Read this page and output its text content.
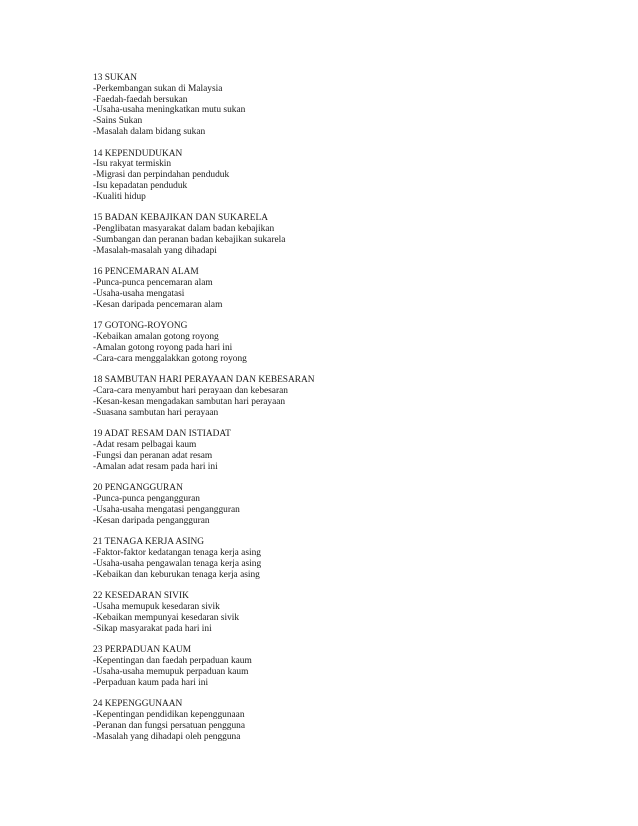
13 SUKAN
-Perkembangan sukan di Malaysia
-Faedah-faedah bersukan
-Usaha-usaha meningkatkan mutu sukan
-Sains Sukan
-Masalah dalam bidang sukan
14 KEPENDUDUKAN
-Isu rakyat termiskin
-Migrasi dan perpindahan penduduk
-Isu kepadatan penduduk
-Kualiti hidup
15 BADAN KEBAJIKAN DAN SUKARELA
-Penglibatan masyarakat dalam badan kebajikan
-Sumbangan dan peranan badan kebajikan sukarela
-Masalah-masalah yang dihadapi
16 PENCEMARAN ALAM
-Punca-punca pencemaran alam
-Usaha-usaha mengatasi
-Kesan daripada pencemaran alam
17 GOTONG-ROYONG
-Kebaikan amalan gotong royong
-Amalan gotong royong pada hari ini
-Cara-cara menggalakkan gotong royong
18 SAMBUTAN HARI PERAYAAN DAN KEBESARAN
-Cara-cara menyambut hari perayaan dan kebesaran
-Kesan-kesan mengadakan sambutan hari perayaan
-Suasana sambutan hari perayaan
19 ADAT RESAM DAN ISTIADAT
-Adat resam pelbagai kaum
-Fungsi dan peranan adat resam
-Amalan adat resam pada hari ini
20 PENGANGGURAN
-Punca-punca pengangguran
-Usaha-usaha mengatasi pengangguran
-Kesan daripada pengangguran
21 TENAGA KERJA ASING
-Faktor-faktor kedatangan tenaga kerja asing
-Usaha-usaha pengawalan tenaga kerja asing
-Kebaikan dan keburukan tenaga kerja asing
22 KESEDARAN SIVIK
-Usaha memupuk kesedaran sivik
-Kebaikan mempunyai kesedaran sivik
-Sikap masyarakat pada hari ini
23 PERPADUAN KAUM
-Kepentingan dan faedah perpaduan kaum
-Usaha-usaha memupuk perpaduan kaum
-Perpaduan kaum pada hari ini
24 KEPENGGUNAAN
-Kepentingan pendidikan kepenggunaan
-Peranan dan fungsi persatuan pengguna
-Masalah yang dihadapi oleh pengguna
